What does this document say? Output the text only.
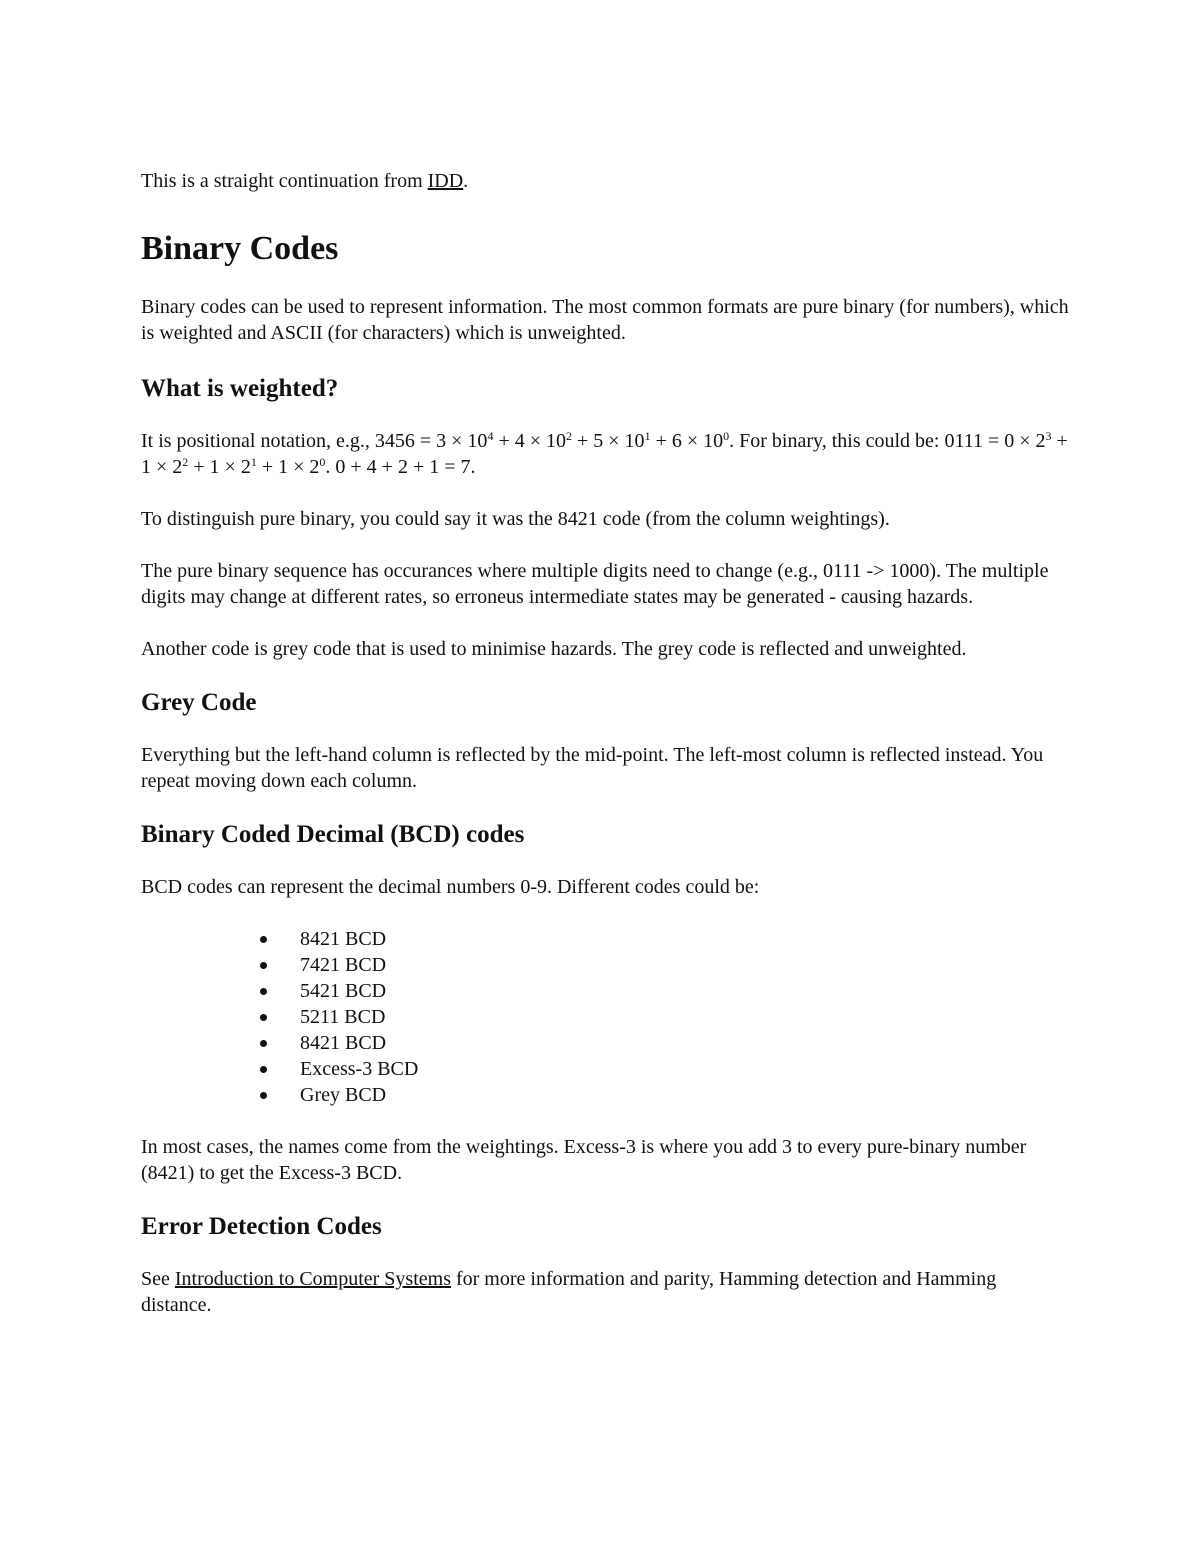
This is a straight continuation from IDD.

Binary Codes

Binary codes can be used to represent information. The most common formats are pure binary (for numbers), which is weighted and ASCII (for characters) which is unweighted.

What is weighted?

It is positional notation, e.g., $3456 = 3 \times 10^4 + 4 \times 10^2 + 5 \times 10^1 + 6 \times 10^0$. For binary, this could be: $0111 = 0 \times 2^3 + 1 \times 2^2 + 1 \times 2^1 + 1 \times 2^0$. 0 + 4 + 2 + 1 = 7.

To distinguish pure binary, you could say it was the 8421 code (from the column weightings).

The pure binary sequence has occurances where multiple digits need to change (e.g., 0111 -> 1000). The multiple digits may change at different rates, so erroneus intermediate states may be generated - causing hazards.

Another code is grey code that is used to minimise hazards. The grey code is reflected and unweighted.

Grey Code

Everything but the left-hand column is reflected by the mid-point. The left-most column is reflected instead. You repeat moving down each column.

Binary Coded Decimal (BCD) codes

BCD codes can represent the decimal numbers 0-9. Different codes could be:

8421 BCD
7421 BCD
5421 BCD
5211 BCD
8421 BCD
Excess-3 BCD
Grey BCD

In most cases, the names come from the weightings. Excess-3 is where you add 3 to every pure-binary number (8421) to get the Excess-3 BCD.

Error Detection Codes

See Introduction to Computer Systems for more information and parity, Hamming detection and Hamming distance.
